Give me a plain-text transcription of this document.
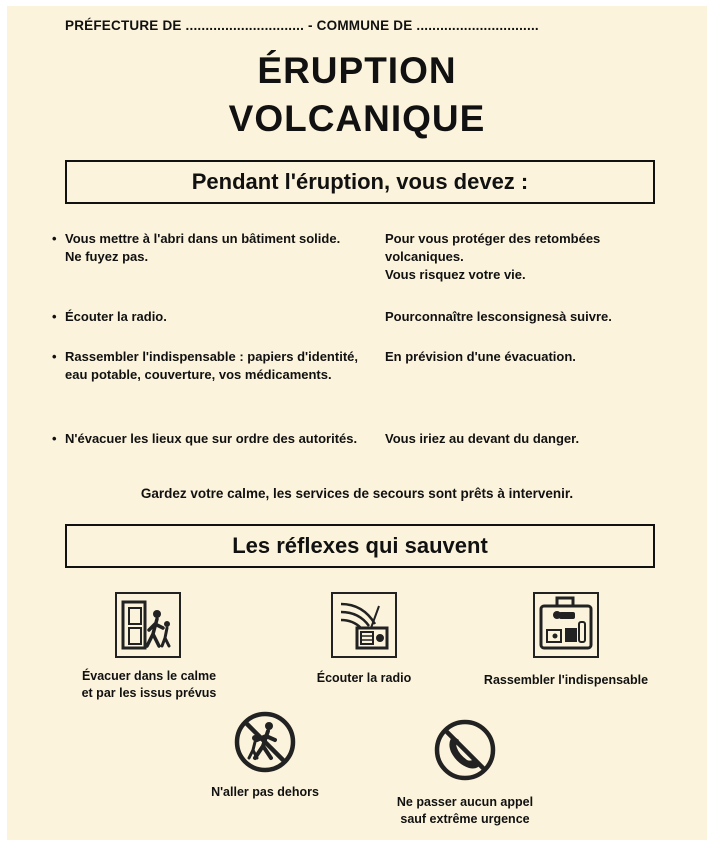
PRÉFECTURE DE .............................. - COMMUNE DE ...............................
ÉRUPTION
VOLCANIQUE
Pendant l'éruption, vous devez :
• Vous mettre à l'abri dans un bâtiment solide.
Ne fuyez pas.
Pour vous protéger des retombées volcaniques.
Vous risquez votre vie.
• Écouter la radio.	Pourconnaître lesconsignesà suivre.
• Rassembler l'indispensable : papiers d'identité, eau potable, couverture, vos médicaments.
En prévision d'une évacuation.
• N'évacuer les lieux que sur ordre des autorités. Vous iriez au devant du danger.
Gardez votre calme, les services de secours sont prêts à intervenir.
Les réflexes qui sauvent
Évacuer dans le calme
et par les issus prévus
Écouter la radio	Rassembler l'indispensable
N'aller pas dehors
Ne passer aucun appel
sauf extrême urgence
